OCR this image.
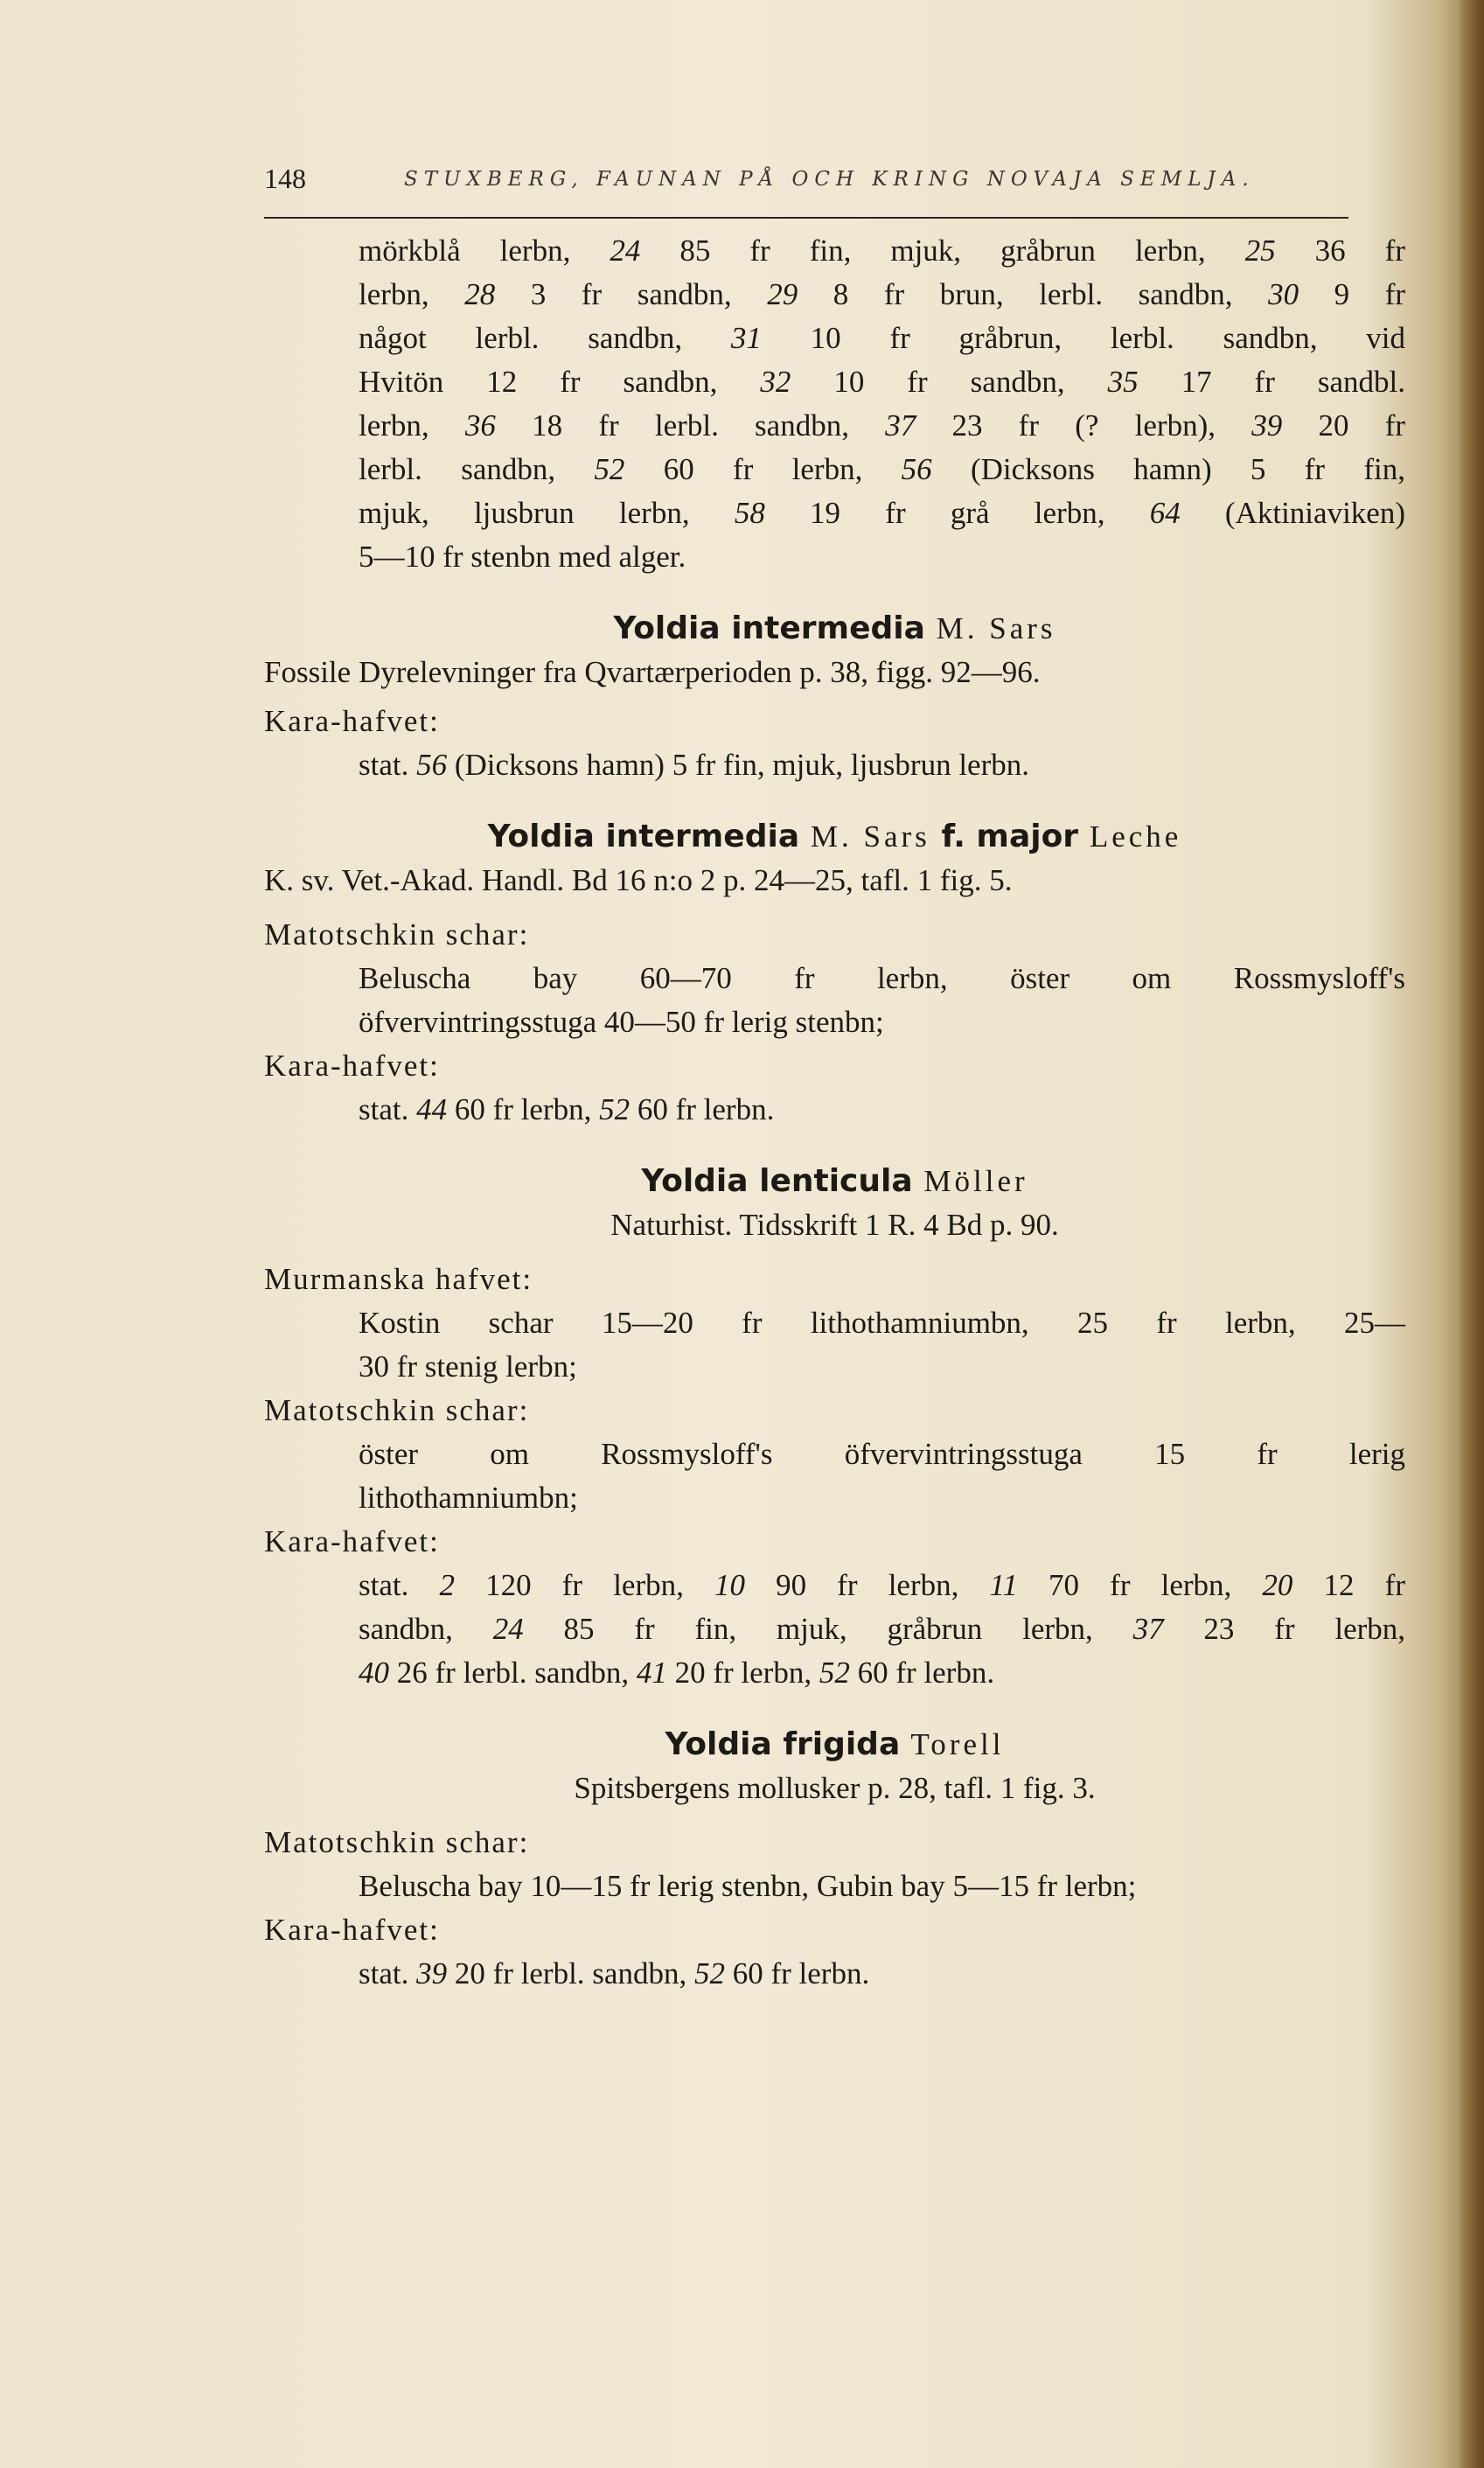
148	STUXBERG, FAUNAN PÅ OCH KRING NOVAJA SEMLJA.
mörkblå lerbn, 24 85 fr fin, mjuk, gråbrun lerbn, 25 36 fr
lerbn, 28 3 fr sandbn, 29 8 fr brun, lerbl. sandbn, 30 9 fr
något lerbl. sandbn, 31 10 fr gråbrun, lerbl. sandbn, vid
Hvitön 12 fr sandbn, 32 10 fr sandbn, 35 17 fr sandbl.
lerbn, 36 18 fr lerbl. sandbn, 37 23 fr (? lerbn), 39 20 fr
lerbl. sandbn, 52 60 fr lerbn, 56 (Dicksons hamn) 5 fr fin,
mjuk, ljusbrun lerbn, 58 19 fr grå lerbn, 64 (Aktiniaviken)
5—10 fr stenbn med alger.
Yoldia intermedia M. Sars
Fossile Dyrelevninger fra Qvartærperioden p. 38, figg. 92—96.
Kara-hafvet:
stat. 56 (Dicksons hamn) 5 fr fin, mjuk, ljusbrun lerbn.
Yoldia intermedia M. Sars f. major Leche
K. sv. Vet.-Akad. Handl. Bd 16 n:o 2 p. 24—25, tafl. 1 fig. 5.
Matotschkin schar:
Beluscha bay 60—70 fr lerbn, öster om Rossmysloff's
öfvervintringsstuga 40—50 fr lerig stenbn;
Kara-hafvet:
stat. 44 60 fr lerbn, 52 60 fr lerbn.
Yoldia lenticula Möller
Naturhist. Tidsskrift 1 R. 4 Bd p. 90.
Murmanska hafvet:
Kostin schar 15—20 fr lithothamniumbn, 25 fr lerbn, 25—
30 fr stenig lerbn;
Matotschkin schar:
öster om Rossmysloff's öfvervintringsstuga 15 fr lerig
lithothamniumbn;
Kara-hafvet:
stat. 2 120 fr lerbn, 10 90 fr lerbn, 11 70 fr lerbn, 20 12 fr
sandbn, 24 85 fr fin, mjuk, gråbrun lerbn, 37 23 fr lerbn,
40 26 fr lerbl. sandbn, 41 20 fr lerbn, 52 60 fr lerbn.
Yoldia frigida Torell
Spitsbergens mollusker p. 28, tafl. 1 fig. 3.
Matotschkin schar:
Beluscha bay 10—15 fr lerig stenbn, Gubin bay 5—15 fr lerbn;
Kara-hafvet:
stat. 39 20 fr lerbl. sandbn, 52 60 fr lerbn.
